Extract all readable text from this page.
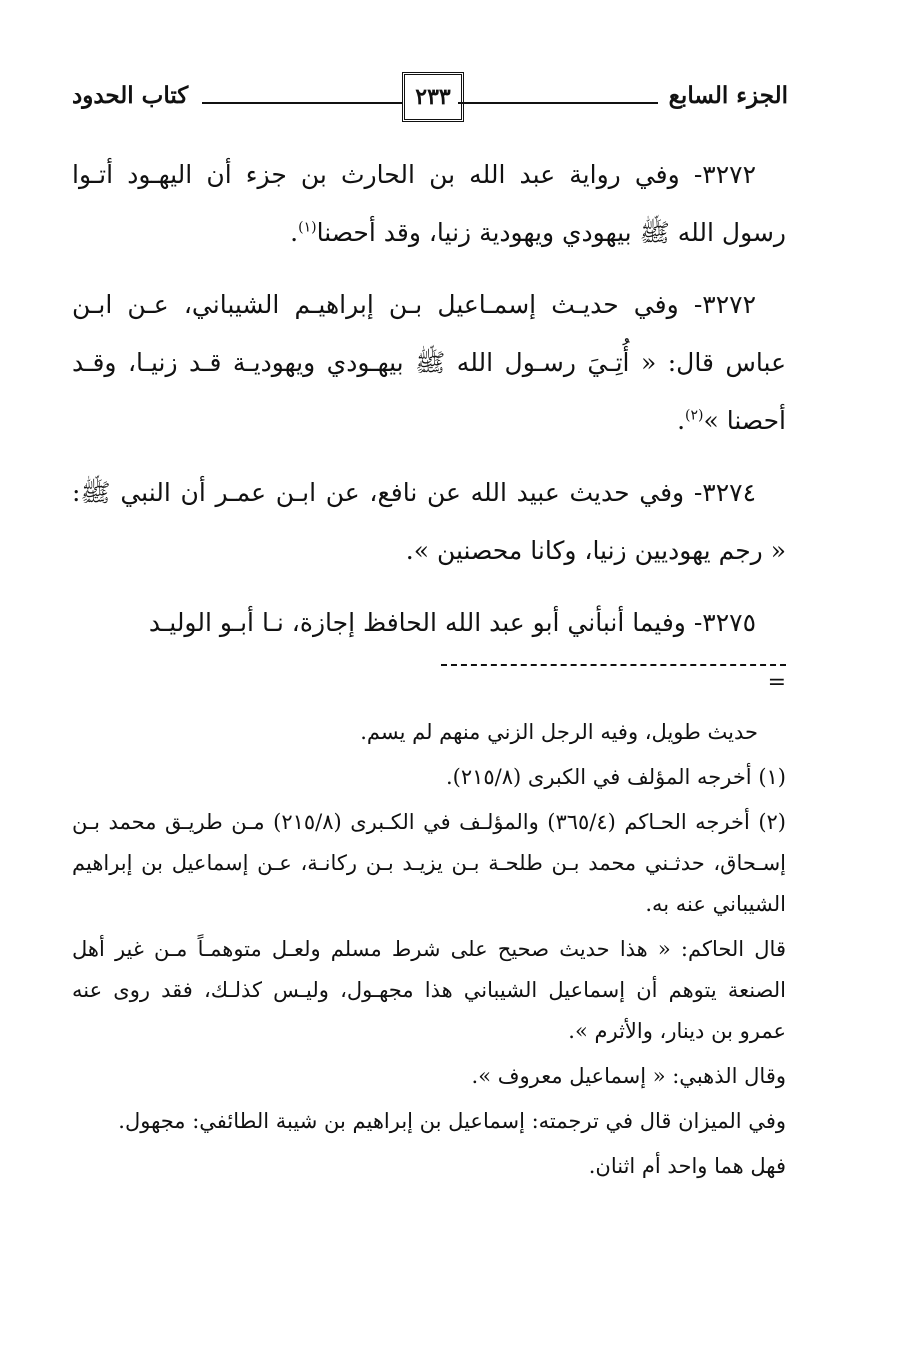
الجزء السابع
٢٣٣
كتاب الحدود

٣٢٧٢- وفي رواية عبد الله بن الحارث بن جزء أن اليهـود أتـوا رسول الله ﷺ بيهودي ويهودية زنيا، وقد أحصنا$^{(١)}$.

٣٢٧٢- وفي حديـث إسمـاعيل بـن إبراهيـم الشيباني، عـن ابـن عباس قال: « أُتِـيَ رسـول الله ﷺ بيهـودي ويهوديـة قـد زنيـا، وقـد أحصنا »$^{(٢)}$.

٣٢٧٤- وفي حديث عبيد الله عن نافع، عن ابـن عمـر أن النبي ﷺ: « رجم يهوديين زنيا، وكانا محصنين ».

٣٢٧٥- وفيما أنبأني أبو عبد الله الحافظ إجازة، نـا أبـو الوليـد

=

حديث طويل، وفيه الرجل الزني منهم لم يسم.

(١) أخرجه المؤلف في الكبرى (٢١٥/٨).

(٢) أخرجه الحـاكم (٣٦٥/٤) والمؤلـف في الكـبرى (٢١٥/٨) مـن طريـق محمد بـن إسـحاق، حدثـني محمد بـن طلحـة بـن يزيـد بـن ركانـة، عـن إسماعيل بن إبراهيم الشيباني عنه به.

قال الحاكم: « هذا حديث صحيح على شرط مسلم ولعـل متوهمـاً مـن غير أهل الصنعة يتوهم أن إسماعيل الشيباني هذا مجهـول، وليـس كذلـك، فقد روى عنه عمرو بن دينار، والأثرم ».

وقال الذهبي: « إسماعيل معروف ».

وفي الميزان قال في ترجمته: إسماعيل بن إبراهيم بن شيبة الطائفي: مجهول.

فهل هما واحد أم اثنان.
